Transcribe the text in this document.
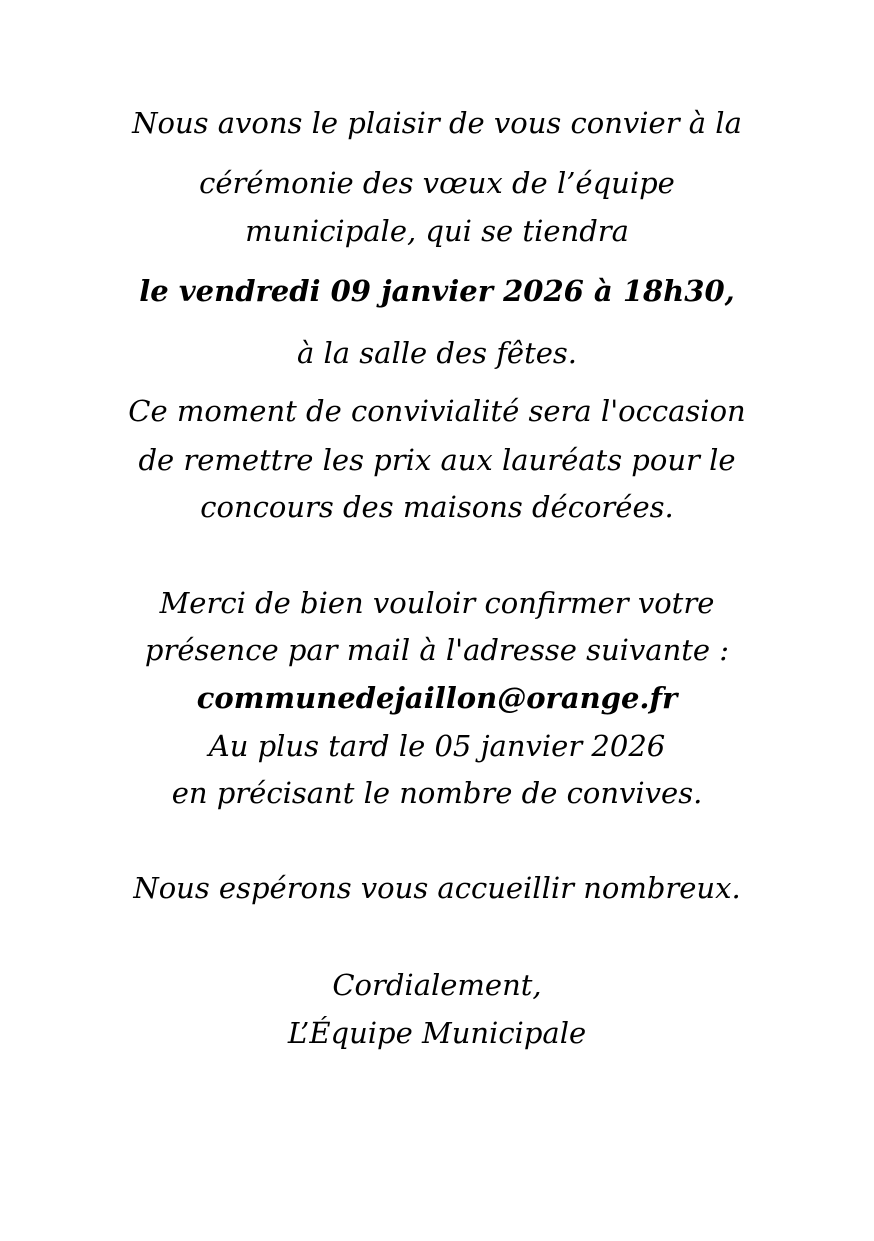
Nous avons le plaisir de vous convier à la
cérémonie des vœux de l’équipe
municipale, qui se tiendra
le vendredi 09 janvier 2026 à 18h30,
à la salle des fêtes.
Ce moment de convivialité sera l'occasion
de remettre les prix aux lauréats pour le
concours des maisons décorées.
Merci de bien vouloir confirmer votre
présence par mail à l'adresse suivante :
communedejaillon@orange.fr
Au plus tard le 05 janvier 2026
en précisant le nombre de convives.
Nous espérons vous accueillir nombreux.
Cordialement,
L’Équipe Municipale
